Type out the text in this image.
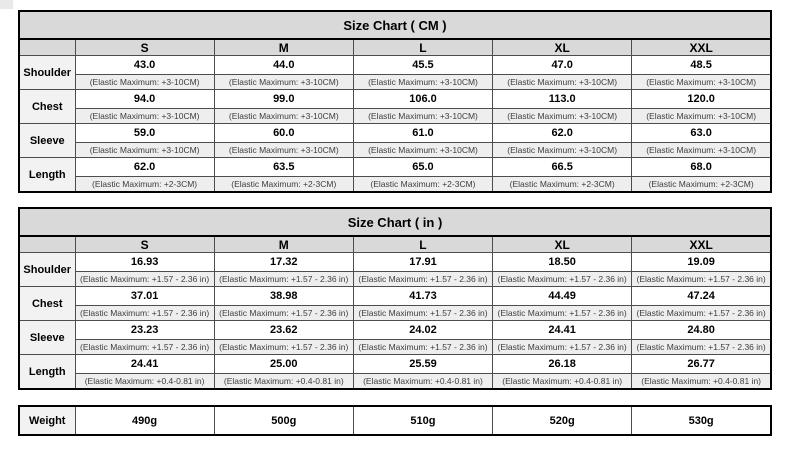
Size Chart ( CM )					
	S	M	L	XL	XXL
Shoulder	43.0	44.0	45.5	47.0	48.5
	(Elastic Maximum: +3-10CM)	(Elastic Maximum: +3-10CM)	(Elastic Maximum: +3-10CM)	(Elastic Maximum: +3-10CM)	(Elastic Maximum: +3-10CM)
Chest	94.0	99.0	106.0	113.0	120.0
	(Elastic Maximum: +3-10CM)	(Elastic Maximum: +3-10CM)	(Elastic Maximum: +3-10CM)	(Elastic Maximum: +3-10CM)	(Elastic Maximum: +3-10CM)
Sleeve	59.0	60.0	61.0	62.0	63.0
	(Elastic Maximum: +3-10CM)	(Elastic Maximum: +3-10CM)	(Elastic Maximum: +3-10CM)	(Elastic Maximum: +3-10CM)	(Elastic Maximum: +3-10CM)
Length	62.0	63.5	65.0	66.5	68.0
	(Elastic Maximum: +2-3CM)	(Elastic Maximum: +2-3CM)	(Elastic Maximum: +2-3CM)	(Elastic Maximum: +2-3CM)	(Elastic Maximum: +2-3CM)
Size Chart ( in )					
	S	M	L	XL	XXL
Shoulder	16.93	17.32	17.91	18.50	19.09
	(Elastic Maximum: +1.57 - 2.36 in)	(Elastic Maximum: +1.57 - 2.36 in)	(Elastic Maximum: +1.57 - 2.36 in)	(Elastic Maximum: +1.57 - 2.36 in)	(Elastic Maximum: +1.57 - 2.36 in)
Chest	37.01	38.98	41.73	44.49	47.24
	(Elastic Maximum: +1.57 - 2.36 in)	(Elastic Maximum: +1.57 - 2.36 in)	(Elastic Maximum: +1.57 - 2.36 in)	(Elastic Maximum: +1.57 - 2.36 in)	(Elastic Maximum: +1.57 - 2.36 in)
Sleeve	23.23	23.62	24.02	24.41	24.80
	(Elastic Maximum: +1.57 - 2.36 in)	(Elastic Maximum: +1.57 - 2.36 in)	(Elastic Maximum: +1.57 - 2.36 in)	(Elastic Maximum: +1.57 - 2.36 in)	(Elastic Maximum: +1.57 - 2.36 in)
Length	24.41	25.00	25.59	26.18	26.77
	(Elastic Maximum: +0.4-0.81 in)	(Elastic Maximum: +0.4-0.81 in)	(Elastic Maximum: +0.4-0.81 in)	(Elastic Maximum: +0.4-0.81 in)	(Elastic Maximum: +0.4-0.81 in)
Weight	490g	500g	510g	520g	530g
